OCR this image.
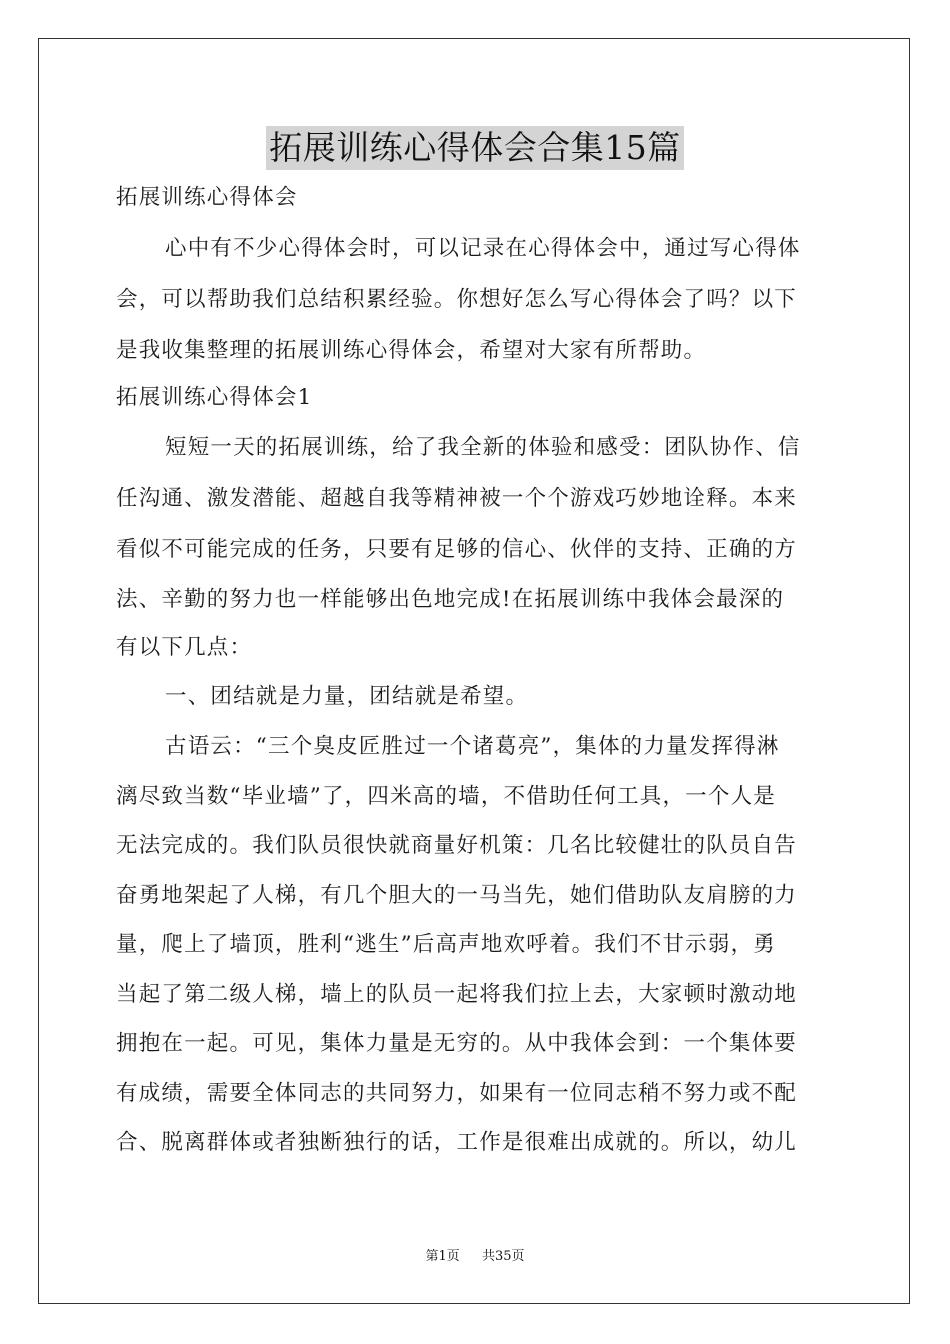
拓展训练心得体会合集15篇
拓展训练心得体会
心中有不少心得体会时，可以记录在心得体会中，通过写心得体
会，可以帮助我们总结积累经验。你想好怎么写心得体会了吗？以下
是我收集整理的拓展训练心得体会，希望对大家有所帮助。
拓展训练心得体会1
短短一天的拓展训练，给了我全新的体验和感受：团队协作、信
任沟通、激发潜能、超越自我等精神被一个个游戏巧妙地诠释。本来
看似不可能完成的任务，只要有足够的信心、伙伴的支持、正确的方
法、辛勤的努力也一样能够出色地完成!在拓展训练中我体会最深的
有以下几点：
一、团结就是力量，团结就是希望。
古语云：“三个臭皮匠胜过一个诸葛亮”，集体的力量发挥得淋
漓尽致当数“毕业墙”了，四米高的墙，不借助任何工具，一个人是
无法完成的。我们队员很快就商量好机策：几名比较健壮的队员自告
奋勇地架起了人梯，有几个胆大的一马当先，她们借助队友肩膀的力
量，爬上了墙顶，胜利“逃生”后高声地欢呼着。我们不甘示弱，勇
当起了第二级人梯，墙上的队员一起将我们拉上去，大家顿时激动地
拥抱在一起。可见，集体力量是无穷的。从中我体会到：一个集体要
有成绩，需要全体同志的共同努力，如果有一位同志稍不努力或不配
合、脱离群体或者独断独行的话，工作是很难出成就的。所以，幼儿
第1页 共35页
